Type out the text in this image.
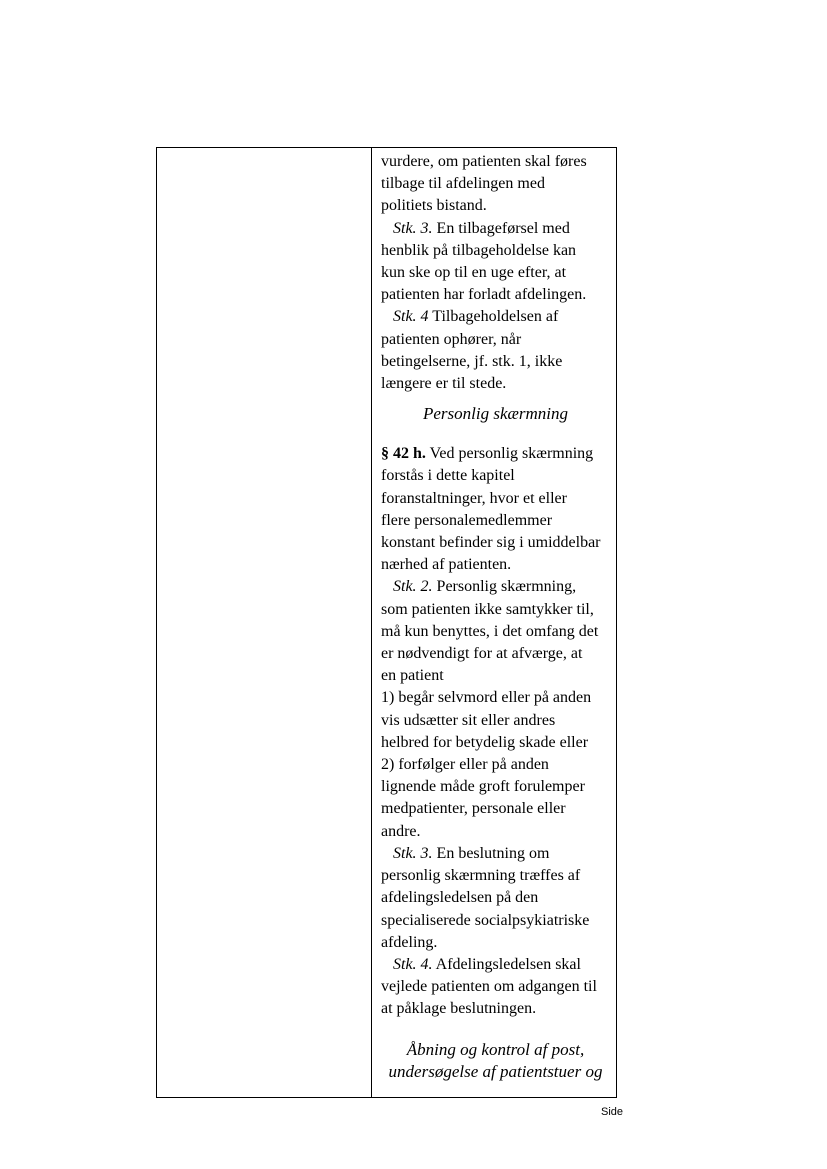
vurdere, om patienten skal føres
tilbage til afdelingen med
politiets bistand.
Stk. 3. En tilbageførsel med
henblik på tilbageholdelse kan
kun ske op til en uge efter, at
patienten har forladt afdelingen.
Stk. 4 Tilbageholdelsen af
patienten ophører, når
betingelserne, jf. stk. 1, ikke
længere er til stede.
Personlig skærmning
§ 42 h. Ved personlig skærmning
forstås i dette kapitel
foranstaltninger, hvor et eller
flere personalemedlemmer
konstant befinder sig i umiddelbar
nærhed af patienten.
Stk. 2. Personlig skærmning,
som patienten ikke samtykker til,
må kun benyttes, i det omfang det
er nødvendigt for at afværge, at
en patient
1) begår selvmord eller på anden
vis udsætter sit eller andres
helbred for betydelig skade eller
2) forfølger eller på anden
lignende måde groft forulemper
medpatienter, personale eller
andre.
Stk. 3. En beslutning om
personlig skærmning træffes af
afdelingsledelsen på den
specialiserede socialpsykiatriske
afdeling.
Stk. 4. Afdelingsledelsen skal
vejlede patienten om adgangen til
at påklage beslutningen.
Åbning og kontrol af post,
undersøgelse af patientstuer og
Side
